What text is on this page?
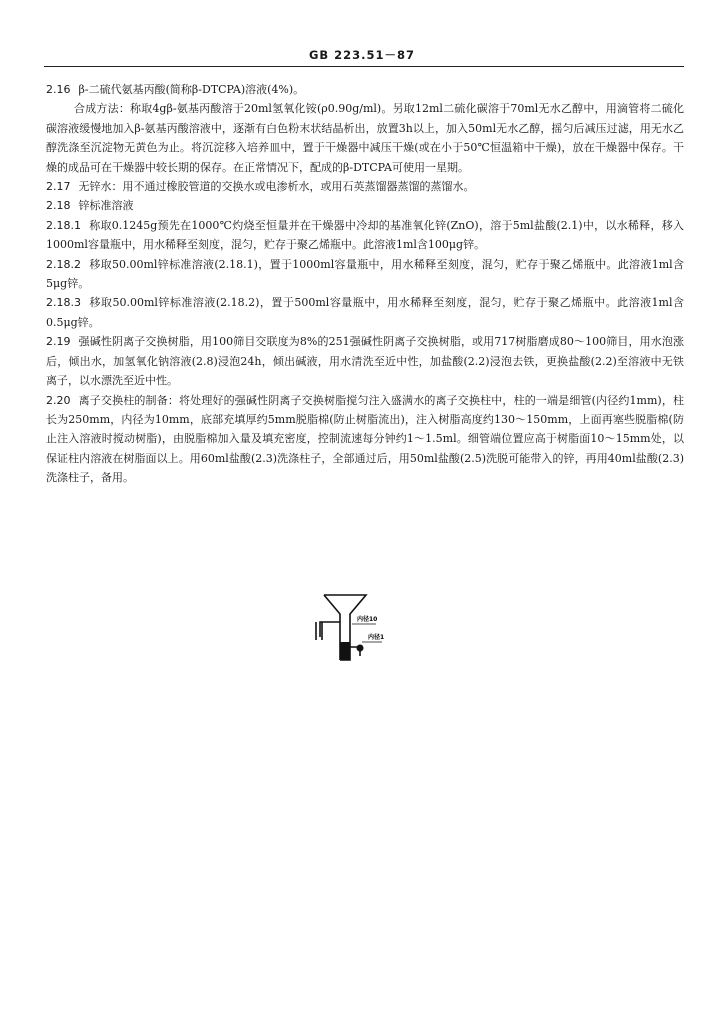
GB 223.51－87

2.16 β-二硫代氨基丙酸(简称β-DTCPA)溶液(4%)。

合成方法：称取4gβ-氨基丙酸溶于20ml氢氧化铵(ρ0.90g/ml)。另取12ml二硫化碳溶于70ml无水乙醇中，用滴管将二硫化碳溶液缓慢地加入β-氨基丙酸溶液中，逐渐有白色粉末状结晶析出，放置3h以上，加入50ml无水乙醇，摇匀后减压过滤，用无水乙醇洗涤至沉淀物无黄色为止。将沉淀移入培养皿中，置于干燥器中减压干燥(或在小于50℃恒温箱中干燥)，放在干燥器中保存。干燥的成品可在干燥器中较长期的保存。在正常情况下，配成的β-DTCPA可使用一星期。

2.17 无锌水：用不通过橡胶管道的交换水或电渗析水，或用石英蒸馏器蒸馏的蒸馏水。

2.18 锌标准溶液

2.18.1 称取0.1245g预先在1000℃灼烧至恒量并在干燥器中冷却的基准氧化锌(ZnO)，溶于5ml盐酸(2.1)中，以水稀释，移入1000ml容量瓶中，用水稀释至刻度，混匀，贮存于聚乙烯瓶中。此溶液1ml含100μg锌。

2.18.2 移取50.00ml锌标准溶液(2.18.1)，置于1000ml容量瓶中，用水稀释至刻度，混匀，贮存于聚乙烯瓶中。此溶液1ml含5μg锌。

2.18.3 移取50.00ml锌标准溶液(2.18.2)，置于500ml容量瓶中，用水稀释至刻度，混匀，贮存于聚乙烯瓶中。此溶液1ml含0.5μg锌。

2.19 强碱性阴离子交换树脂，用100筛目交联度为8%的251强碱性阴离子交换树脂，或用717树脂磨成80～100筛目，用水泡涨后，倾出水，加氢氧化钠溶液(2.8)浸泡24h，倾出碱液，用水清洗至近中性，加盐酸(2.2)浸泡去铁，更换盐酸(2.2)至溶液中无铁离子，以水漂洗至近中性。

2.20 离子交换柱的制备：将处理好的强碱性阴离子交换树脂搅匀注入盛满水的离子交换柱中，柱的一端是细管(内径约1mm)，柱长为250mm，内径为10mm，底部充填厚约5mm脱脂棉(防止树脂流出)，注入树脂高度约130～150mm，上面再塞些脱脂棉(防止注入溶液时搅动树脂)，由脱脂棉加入量及填充密度，控制流速每分钟约1～1.5ml。细管端位置应高于树脂面10～15mm处，以保证柱内溶液在树脂面以上。用60ml盐酸(2.3)洗涤柱子，全部通过后，用50ml盐酸(2.5)洗脱可能带入的锌，再用40ml盐酸(2.3)洗涤柱子，备用。

内径10
内径1
